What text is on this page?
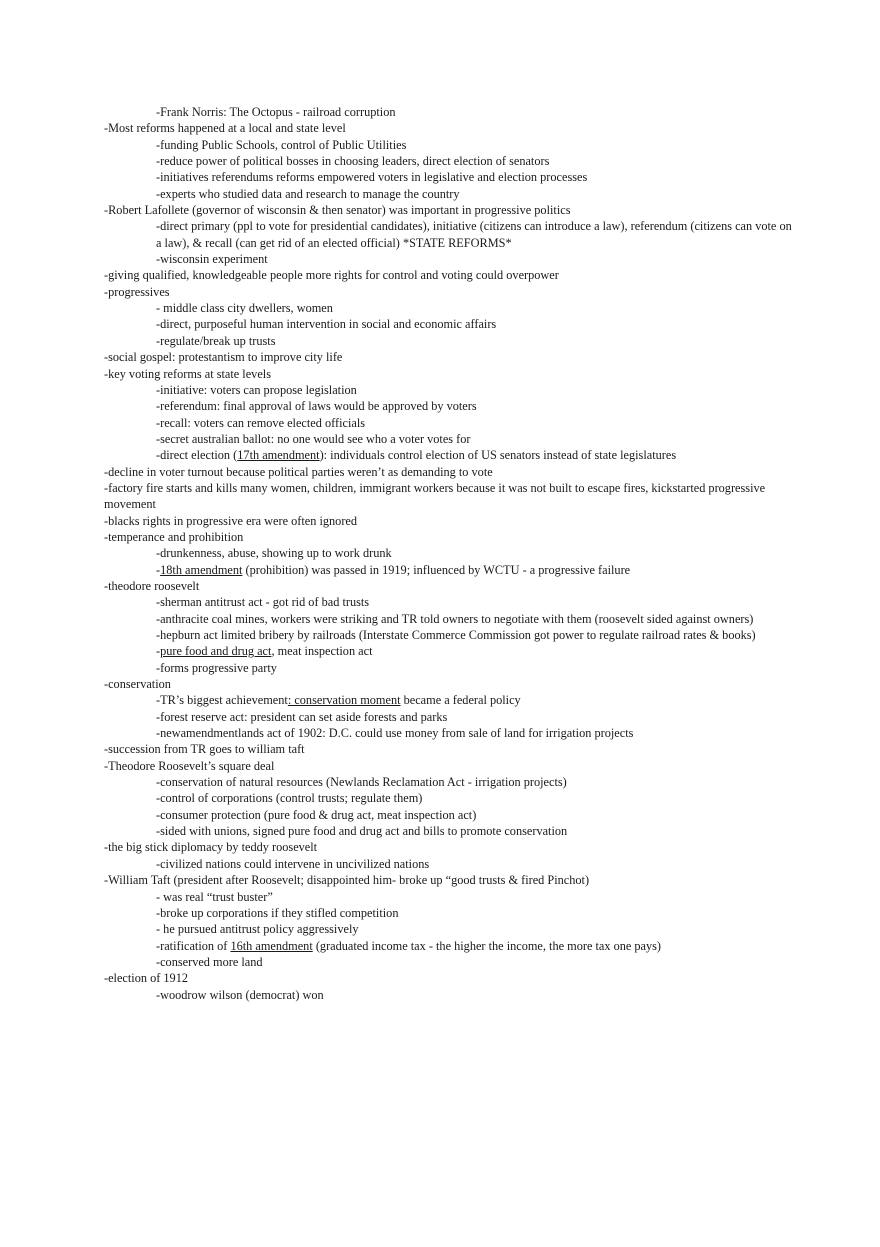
-Frank Norris: The Octopus - railroad corruption
-Most reforms happened at a local and state level
-funding Public Schools, control of Public Utilities
-reduce power of political bosses in choosing leaders, direct election of senators
-initiatives referendums reforms empowered voters in legislative and election processes
-experts who studied data and research to manage the country
-Robert Lafollete (governor of wisconsin & then senator) was important in progressive politics
-direct primary (ppl to vote for presidential candidates), initiative (citizens can introduce a law), referendum (citizens can vote on a law), & recall (can get rid of an elected official) *STATE REFORMS*
-wisconsin experiment
-giving qualified, knowledgeable people more rights for control and voting could overpower
-progressives
- middle class city dwellers, women
-direct, purposeful human intervention in social and economic affairs
-regulate/break up trusts
-social gospel: protestantism to improve city life
-key voting reforms at state levels
-initiative: voters can propose legislation
-referendum: final approval of laws would be approved by voters
-recall: voters can remove elected officials
-secret australian ballot: no one would see who a voter votes for
-direct election (17th amendment): individuals control election of US senators instead of state legislatures
-decline in voter turnout because political parties weren’t as demanding to vote
-factory fire starts and kills many women, children, immigrant workers because it was not built to escape fires, kickstarted progressive movement
-blacks rights in progressive era were often ignored
-temperance and prohibition
-drunkenness, abuse, showing up to work drunk
-18th amendment (prohibition) was passed in 1919; influenced by WCTU - a progressive failure
-theodore roosevelt
-sherman antitrust act - got rid of bad trusts
-anthracite coal mines, workers were striking and TR told owners to negotiate with them (roosevelt sided against owners)
-hepburn act limited bribery by railroads (Interstate Commerce Commission got power to regulate railroad rates & books)
-pure food and drug act, meat inspection act
-forms progressive party
-conservation
-TR’s biggest achievement: conservation moment became a federal policy
-forest reserve act: president can set aside forests and parks
-newamendmentlands act of 1902: D.C. could use money from sale of land for irrigation projects
-succession from TR goes to william taft
-Theodore Roosevelt’s square deal
-conservation of natural resources (Newlands Reclamation Act - irrigation projects)
-control of corporations (control trusts; regulate them)
-consumer protection (pure food & drug act, meat inspection act)
-sided with unions, signed pure food and drug act and bills to promote conservation
-the big stick diplomacy by teddy roosevelt
-civilized nations could intervene in uncivilized nations
-William Taft (president after Roosevelt; disappointed him- broke up “good trusts & fired Pinchot)
- was real “trust buster”
-broke up corporations if they stifled competition
- he pursued antitrust policy aggressively
-ratification of 16th amendment (graduated income tax - the higher the income, the more tax one pays)
-conserved more land
-election of 1912
-woodrow wilson (democrat) won
